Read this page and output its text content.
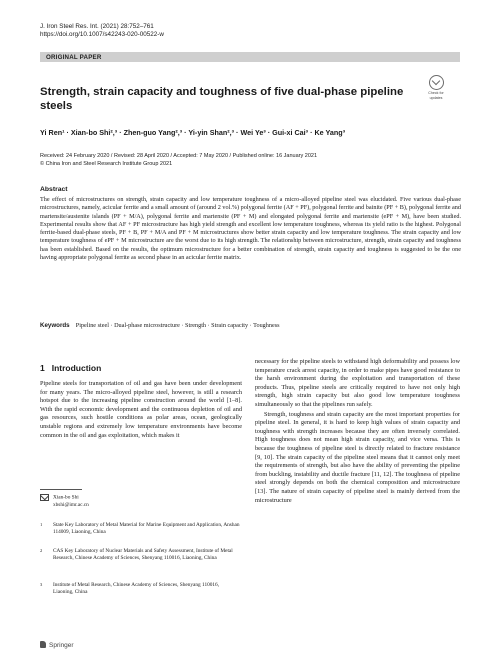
J. Iron Steel Res. Int. (2021) 28:752–761
https://doi.org/10.1007/s42243-020-00522-w
ORIGINAL PAPER
Check for
updates
Strength, strain capacity and toughness of five dual-phase pipeline steels
Yi Ren¹ · Xian-bo Shi²,³ · Zhen-guo Yang²,³ · Yi-yin Shan²,³ · Wei Ye³ · Gui-xi Cai³ · Ke Yang³
Received: 24 February 2020 / Revised: 28 April 2020 / Accepted: 7 May 2020 / Published online: 16 January 2021
© China Iron and Steel Research Institute Group 2021
Abstract
The effect of microstructures on strength, strain capacity and low temperature toughness of a micro-alloyed pipeline steel was elucidated. Five various dual-phase microstructures, namely, acicular ferrite and a small amount of (around 2 vol.%) polygonal ferrite (AF + PF), polygonal ferrite and bainite (PF + B), polygonal ferrite and martensite/austenite islands (PF + M/A), polygonal ferrite and martensite (PF + M) and elongated polygonal ferrite and martensite (ePF + M), have been studied. Experimental results show that AF + PF microstructure has high yield strength and excellent low temperature toughness, whereas its yield ratio is the highest. Polygonal ferrite-based dual-phase steels, PF + B, PF + M/A and PF + M microstructures show better strain capacity and low temperature toughness. The strain capacity and low temperature toughness of ePF + M microstructure are the worst due to its high strength. The relationship between microstructure, strength, strain capacity and toughness has been established. Based on the results, the optimum microstructure for a better combination of strength, strain capacity and toughness is suggested to be the one having appropriate polygonal ferrite as second phase in an acicular ferrite matrix.
Keywords Pipeline steel · Dual-phase microstructure · Strength · Strain capacity · Toughness
1 Introduction

Pipeline steels for transportation of oil and gas have been under development for many years. The micro-alloyed pipeline steel, however, is still a research hotspot due to the increasing pipeline construction around the world [1–8]. With the rapid economic development and the continuous depletion of oil and gas resources, such hostile conditions as polar areas, ocean, geologically unstable regions and extremely low temperature environments have become common in the oil and gas exploitation, which makes it

necessary for the pipeline steels to withstand high deformability and possess low temperature crack arrest capacity, in order to make pipes have good resistance to the harsh environment during the exploitation and transportation of these products. Thus, pipeline steels are critically required to have not only high strength, high strain capacity but also good low temperature toughness simultaneously so that the pipelines run safely.

Strength, toughness and strain capacity are the most important properties for pipeline steel. In general, it is hard to keep high values of strain capacity and toughness with strength increases because they are often inversely correlated. High toughness does not mean high strain capacity, and vice versa. This is because the toughness of pipeline steel is directly related to fracture resistance [9, 10]. The strain capacity of the pipeline steel means that it cannot only meet the requirements of strength, but also have the ability of preventing the pipeline from buckling, instability and ductile fracture [11, 12]. The toughness of pipeline steel strongly depends on both the chemical composition and microstructure [13]. The nature of strain capacity of pipeline steel is mainly derived from the microstructure

Xian-bo Shi
xbshi@imr.ac.cn
1 State Key Laboratory of Metal Material for Marine Equipment and Application, Anshan 114009, Liaoning, China
2 CAS Key Laboratory of Nuclear Materials and Safety Assessment, Institute of Metal Research, Chinese Academy of Sciences, Shenyang 110016, Liaoning, China
3 Institute of Metal Research, Chinese Academy of Sciences, Shenyang 110016, Liaoning, China
Springer
